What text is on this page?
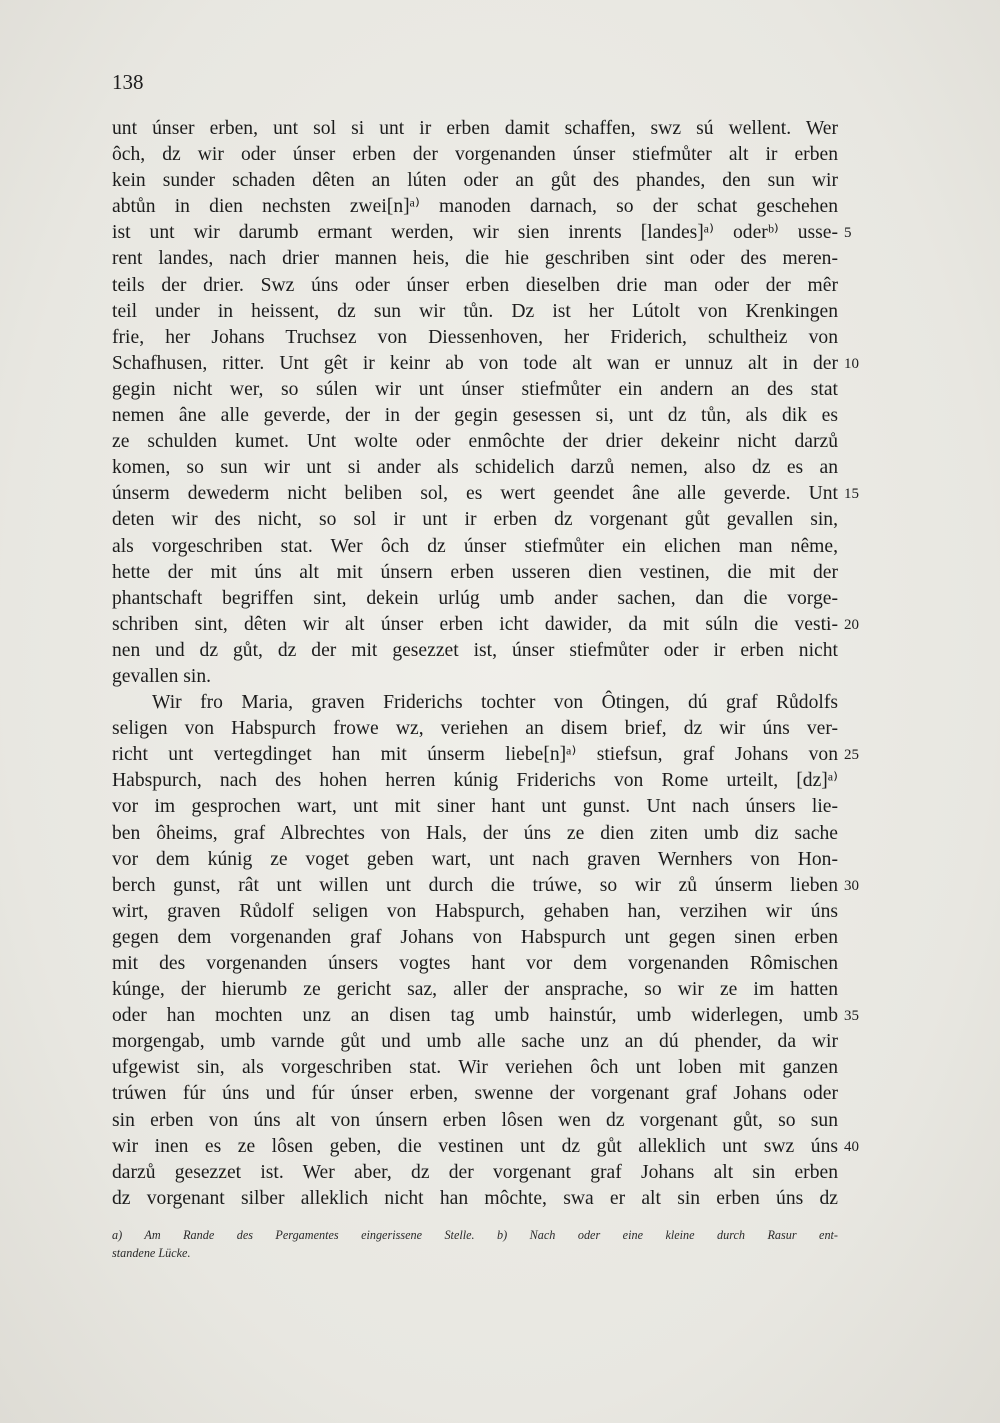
138
unt únser erben, unt sol si unt ir erben damit schaffen, swz sú wellent. Wer
ôch, dz wir oder únser erben der vorgenanden únser stiefmůter alt ir erben
kein sunder schaden dêten an lúten oder an gůt des phandes, den sun wir
abtůn in dien nechsten zwei[n]ᵃ⁾ manoden darnach, so der schat geschehen
ist unt wir darumb ermant werden, wir sien inrents [landes]ᵃ⁾ oderᵇ⁾ usse- 5
rent landes, nach drier mannen heis, die hie geschriben sint oder des meren-
teils der drier. Swz úns oder únser erben dieselben drie man oder der mêr
teil under in heissent, dz sun wir tůn. Dz ist her Lútolt von Krenkingen
frie, her Johans Truchsez von Diessenhoven, her Friderich, schultheiz von
Schafhusen, ritter. Unt gêt ir keinr ab von tode alt wan er unnuz alt in der 10
gegin nicht wer, so súlen wir unt únser stiefmůter ein andern an des stat
nemen âne alle geverde, der in der gegin gesessen si, unt dz tůn, als dik es
ze schulden kumet. Unt wolte oder enmôchte der drier dekeinr nicht darzů
komen, so sun wir unt si ander als schidelich darzů nemen, also dz es an
únserm dewederm nicht beliben sol, es wert geendet âne alle geverde. Unt 15
deten wir des nicht, so sol ir unt ir erben dz vorgenant gůt gevallen sin,
als vorgeschriben stat. Wer ôch dz únser stiefmůter ein elichen man nême,
hette der mit úns alt mit únsern erben usseren dien vestinen, die mit der
phantschaft begriffen sint, dekein urlúg umb ander sachen, dan die vorge-
schriben sint, dêten wir alt únser erben icht dawider, da mit súln die vesti- 20
nen und dz gůt, dz der mit gesezzet ist, únser stiefmůter oder ir erben nicht
gevallen sin.
Wir fro Maria, graven Friderichs tochter von Ôtingen, dú graf Růdolfs
seligen von Habspurch frowe wz, veriehen an disem brief, dz wir úns ver-
richt unt vertegdinget han mit únserm liebe[n]ᵃ⁾ stiefsun, graf Johans von 25
Habspurch, nach des hohen herren kúnig Friderichs von Rome urteilt, [dz]ᵃ⁾
vor im gesprochen wart, unt mit siner hant unt gunst. Unt nach únsers lie-
ben ôheims, graf Albrechtes von Hals, der úns ze dien ziten umb diz sache
vor dem kúnig ze voget geben wart, unt nach graven Wernhers von Hon-
berch gunst, rât unt willen unt durch die trúwe, so wir zů únserm lieben 30
wirt, graven Růdolf seligen von Habspurch, gehaben han, verzihen wir úns
gegen dem vorgenanden graf Johans von Habspurch unt gegen sinen erben
mit des vorgenanden únsers vogtes hant vor dem vorgenanden Rômischen
kúnge, der hierumb ze gericht saz, aller der ansprache, so wir ze im hatten
oder han mochten unz an disen tag umb hainstúr, umb widerlegen, umb 35
morgengab, umb varnde gůt und umb alle sache unz an dú phender, da wir
ufgewist sin, als vorgeschriben stat. Wir veriehen ôch unt loben mit ganzen
trúwen fúr úns und fúr únser erben, swenne der vorgenant graf Johans oder
sin erben von úns alt von únsern erben lôsen wen dz vorgenant gůt, so sun
wir inen es ze lôsen geben, die vestinen unt dz gůt alleklich unt swz úns 40
darzů gesezzet ist. Wer aber, dz der vorgenant graf Johans alt sin erben
dz vorgenant silber alleklich nicht han môchte, swa er alt sin erben úns dz
a) Am Rande des Pergamentes eingerissene Stelle. b) Nach oder eine kleine durch Rasur ent-
standene Lücke.
